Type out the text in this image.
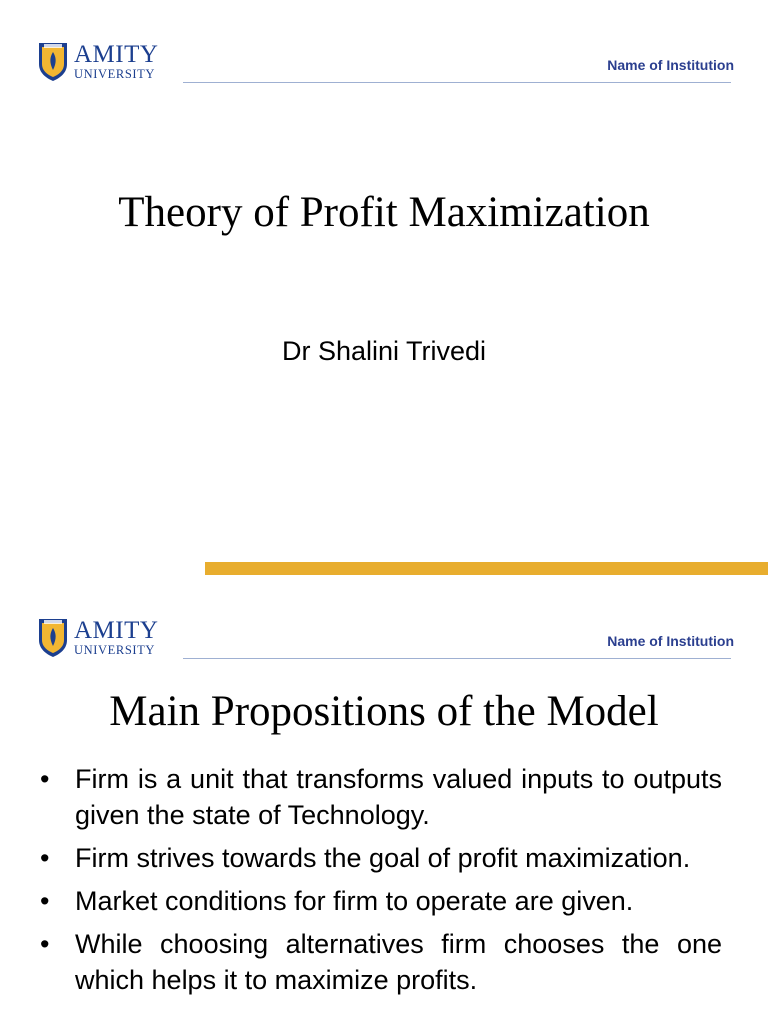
AMITY
UNIVERSITY
Name of Institution
Theory of Profit Maximization
Dr Shalini Trivedi
AMITY
UNIVERSITY
Name of Institution
Main Propositions of the Model
• Firm is a unit that transforms valued inputs to outputs given the state of Technology.
• Firm strives towards the goal of profit maximization.
• Market conditions for firm to operate are given.
• While choosing alternatives firm chooses the one which helps it to maximize profits.
